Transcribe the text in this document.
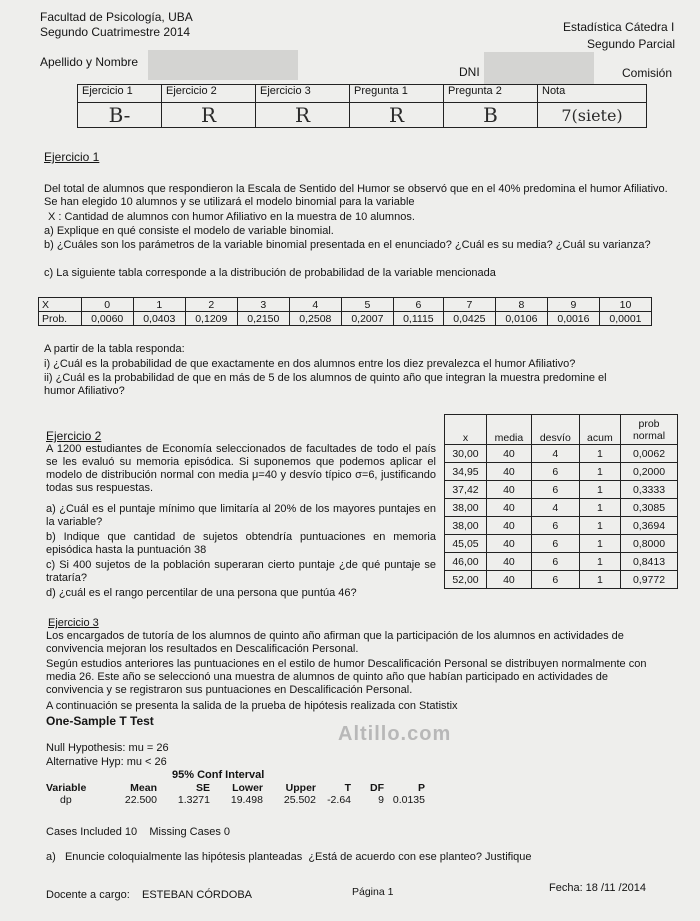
Facultad de Psicología, UBA
Segundo Cuatrimestre 2014	Estadística Cátedra I
Segundo Parcial
Apellido y Nombre
DNI	Comisión
Ejercicio 1	Ejercicio 2	Ejercicio 3	Pregunta 1	Pregunta 2	Nota
B-	R	R	R	B	7(siete)
Ejercicio 1
Del total de alumnos que respondieron la Escala de Sentido del Humor se observó que en el 40% predomina el humor Afiliativo. Se han elegido 10 alumnos y se utilizará el modelo binomial para la variable
X : Cantidad de alumnos con humor Afiliativo en la muestra de 10 alumnos.
a) Explique en qué consiste el modelo de variable binomial.
b) ¿Cuáles son los parámetros de la variable binomial presentada en el enunciado? ¿Cuál es su media? ¿Cuál su varianza?
c) La siguiente tabla corresponde a la distribución de probabilidad de la variable mencionada
X	0	1	2	3	4	5	6	7	8	9	10
Prob.	0,0060	0,0403	0,1209	0,2150	0,2508	0,2007	0,1115	0,0425	0,0106	0,0016	0,0001
A partir de la tabla responda:
i) ¿Cuál es la probabilidad de que exactamente en dos alumnos entre los diez prevalezca el humor Afiliativo?
ii) ¿Cuál es la probabilidad de que en más de 5 de los alumnos de quinto año que integran la muestra predomine el humor Afiliativo?
Ejercicio 2
A 1200 estudiantes de Economía seleccionados de facultades de todo el país se les evaluó su memoria episódica. Si suponemos que podemos aplicar el modelo de distribución normal con media μ=40 y desvío típico σ=6, justificando todas sus respuestas.
a) ¿Cuál es el puntaje mínimo que limitaría al 20% de los mayores puntajes en la variable?
b) Indique que cantidad de sujetos obtendría puntuaciones en memoria episódica hasta la puntuación 38
c) Si 400 sujetos de la población superaran cierto puntaje ¿de qué puntaje se trataría?
d) ¿cuál es el rango percentilar de una persona que puntúa 46?
x	media	desvío	acum	prob normal
30,00	40	4	1	0,0062
34,95	40	6	1	0,2000
37,42	40	6	1	0,3333
38,00	40	4	1	0,3085
38,00	40	6	1	0,3694
45,05	40	6	1	0,8000
46,00	40	6	1	0,8413
52,00	40	6	1	0,9772
Ejercicio 3
Los encargados de tutoría de los alumnos de quinto año afirman que la participación de los alumnos en actividades de convivencia mejoran los resultados en Descalificación Personal.
Según estudios anteriores las puntuaciones en el estilo de humor Descalificación Personal se distribuyen normalmente con media 26. Este año se seleccionó una muestra de alumnos de quinto año que habían participado en actividades de convivencia y se registraron sus puntuaciones en Descalificación Personal.
A continuación se presenta la salida de la prueba de hipótesis realizada con Statistix
One-Sample T Test
Altillo.com
Null Hypothesis: mu = 26
Alternative Hyp: mu < 26
95% Conf Interval
Variable	Mean	SE	Lower	Upper	T	DF	P
dp	22.500	1.3271	19.498	25.502	-2.64	9	0.0135
Cases Included 10    Missing Cases 0
a)   Enuncie coloquialmente las hipótesis planteadas  ¿Está de acuerdo con ese planteo? Justifique
Docente a cargo:    ESTEBAN CÓRDOBA	Página 1	Fecha: 18 /11 /2014
